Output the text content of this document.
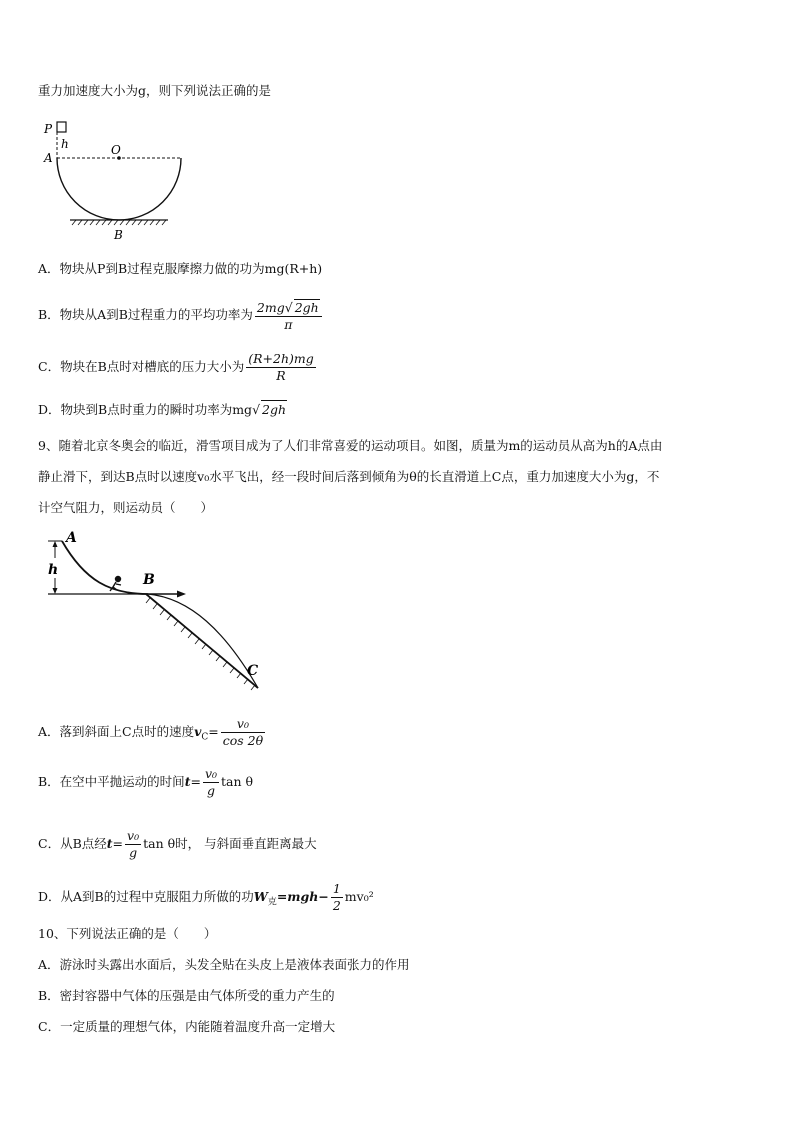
重力加速度大小为g，则下列说法正确的是
P
h
A
O
B
A．物块从P到B过程克服摩擦力做的功为mg(R+h)
B．物块从A到B过程重力的平均功率为 $\frac{2mg√ 2gh}{\pi}$
C．物块在B点时对槽底的压力大小为 $\frac{(R+2h)mg}{R}$
D．物块到B点时重力的瞬时功率为mg√ 2gh
9、随着北京冬奥会的临近，滑雪项目成为了人们非常喜爱的运动项目。如图，质量为m的运动员从高为h的A点由
静止滑下，到达B点时以速度v₀水平飞出，经一段时间后落到倾角为θ的长直滑道上C点，重力加速度大小为g，不
计空气阻力，则运动员（　　）
A
h
B
C
A．落到斜面上C点时的速度$v_C= \frac{\text{v₀}}{\cos 2\theta}$
B．在空中平抛运动的时间$t= \frac{\text{v₀}}{g}$ tan θ
C．从B点经$t= \frac{\text{v₀}}{g}$ tan θ时， 与斜面垂直距离最大
D．从A到B的过程中克服阻力所做的功$W_克=mgh- \frac{1}{2} mv_0^2$
10、下列说法正确的是（　　）
A．游泳时头露出水面后，头发全贴在头皮上是液体表面张力的作用
B．密封容器中气体的压强是由气体所受的重力产生的
C．一定质量的理想气体，内能随着温度升高一定增大
